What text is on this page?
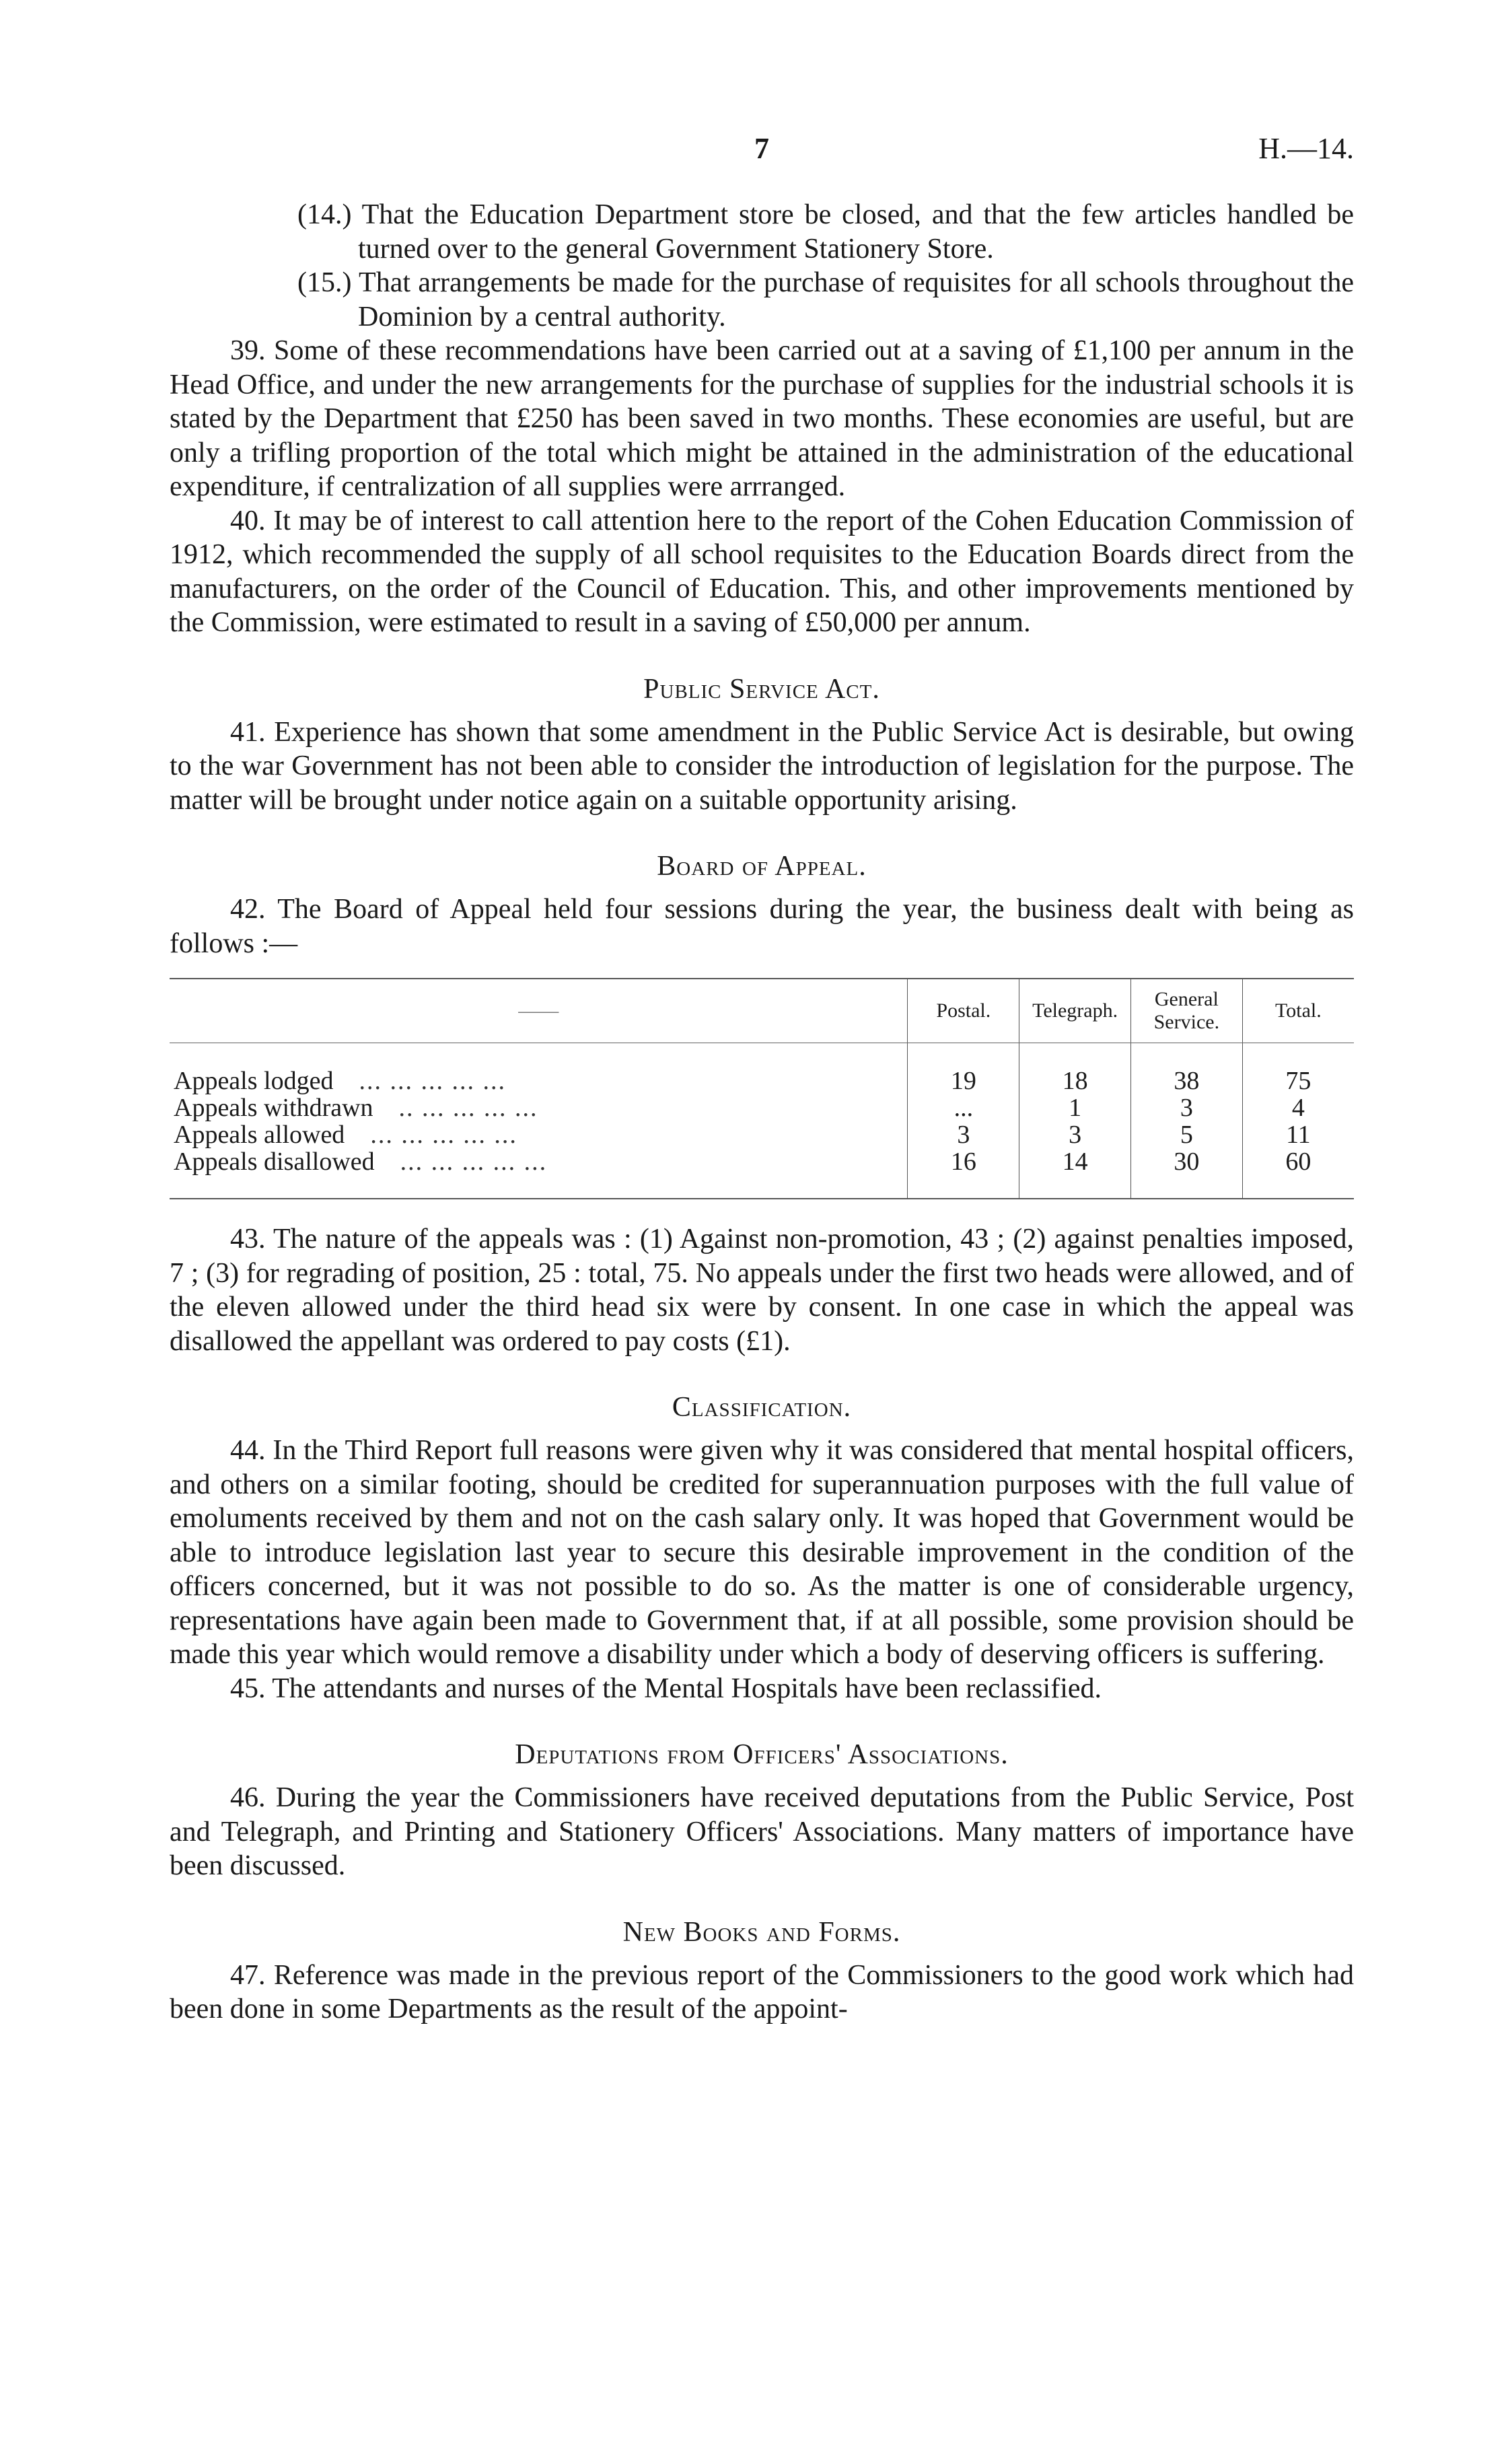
7	H.—14.
(14.) That the Education Department store be closed, and that the few articles handled be turned over to the general Government Stationery Store.
(15.) That arrangements be made for the purchase of requisites for all schools throughout the Dominion by a central authority.

39. Some of these recommendations have been carried out at a saving of £1,100 per annum in the Head Office, and under the new arrangements for the purchase of supplies for the industrial schools it is stated by the Department that £250 has been saved in two months. These economies are useful, but are only a trifling proportion of the total which might be attained in the administration of the educational expenditure, if centralization of all supplies were arrranged.

40. It may be of interest to call attention here to the report of the Cohen Education Commission of 1912, which recommended the supply of all school requisites to the Education Boards direct from the manufacturers, on the order of the Council of Education. This, and other improvements mentioned by the Commission, were estimated to result in a saving of £50,000 per annum.

Public Service Act.

41. Experience has shown that some amendment in the Public Service Act is desirable, but owing to the war Government has not been able to consider the introduction of legislation for the purpose. The matter will be brought under notice again on a suitable opportunity arising.

Board of Appeal.

42. The Board of Appeal held four sessions during the year, the business dealt with being as follows :—

——	Postal.	Telegraph.	General Service.	Total.
Appeals lodged ... ... ... ... ...	19	18	38	75
Appeals withdrawn .. ... ... ... ...	...	1	3	4
Appeals allowed ... ... ... ... ...	3	3	5	11
Appeals disallowed ... ... ... ... ...	16	14	30	60

43. The nature of the appeals was : (1) Against non-promotion, 43 ; (2) against penalties imposed, 7 ; (3) for regrading of position, 25 : total, 75. No appeals under the first two heads were allowed, and of the eleven allowed under the third head six were by consent. In one case in which the appeal was disallowed the appellant was ordered to pay costs (£1).

Classification.

44. In the Third Report full reasons were given why it was considered that mental hospital officers, and others on a similar footing, should be credited for superannuation purposes with the full value of emoluments received by them and not on the cash salary only. It was hoped that Government would be able to introduce legislation last year to secure this desirable improvement in the condition of the officers concerned, but it was not possible to do so. As the matter is one of considerable urgency, representations have again been made to Government that, if at all possible, some provision should be made this year which would remove a disability under which a body of deserving officers is suffering.

45. The attendants and nurses of the Mental Hospitals have been reclassified.

Deputations from Officers' Associations.

46. During the year the Commissioners have received deputations from the Public Service, Post and Telegraph, and Printing and Stationery Officers' Associations. Many matters of importance have been discussed.

New Books and Forms.

47. Reference was made in the previous report of the Commissioners to the good work which had been done in some Departments as the result of the appoint-
